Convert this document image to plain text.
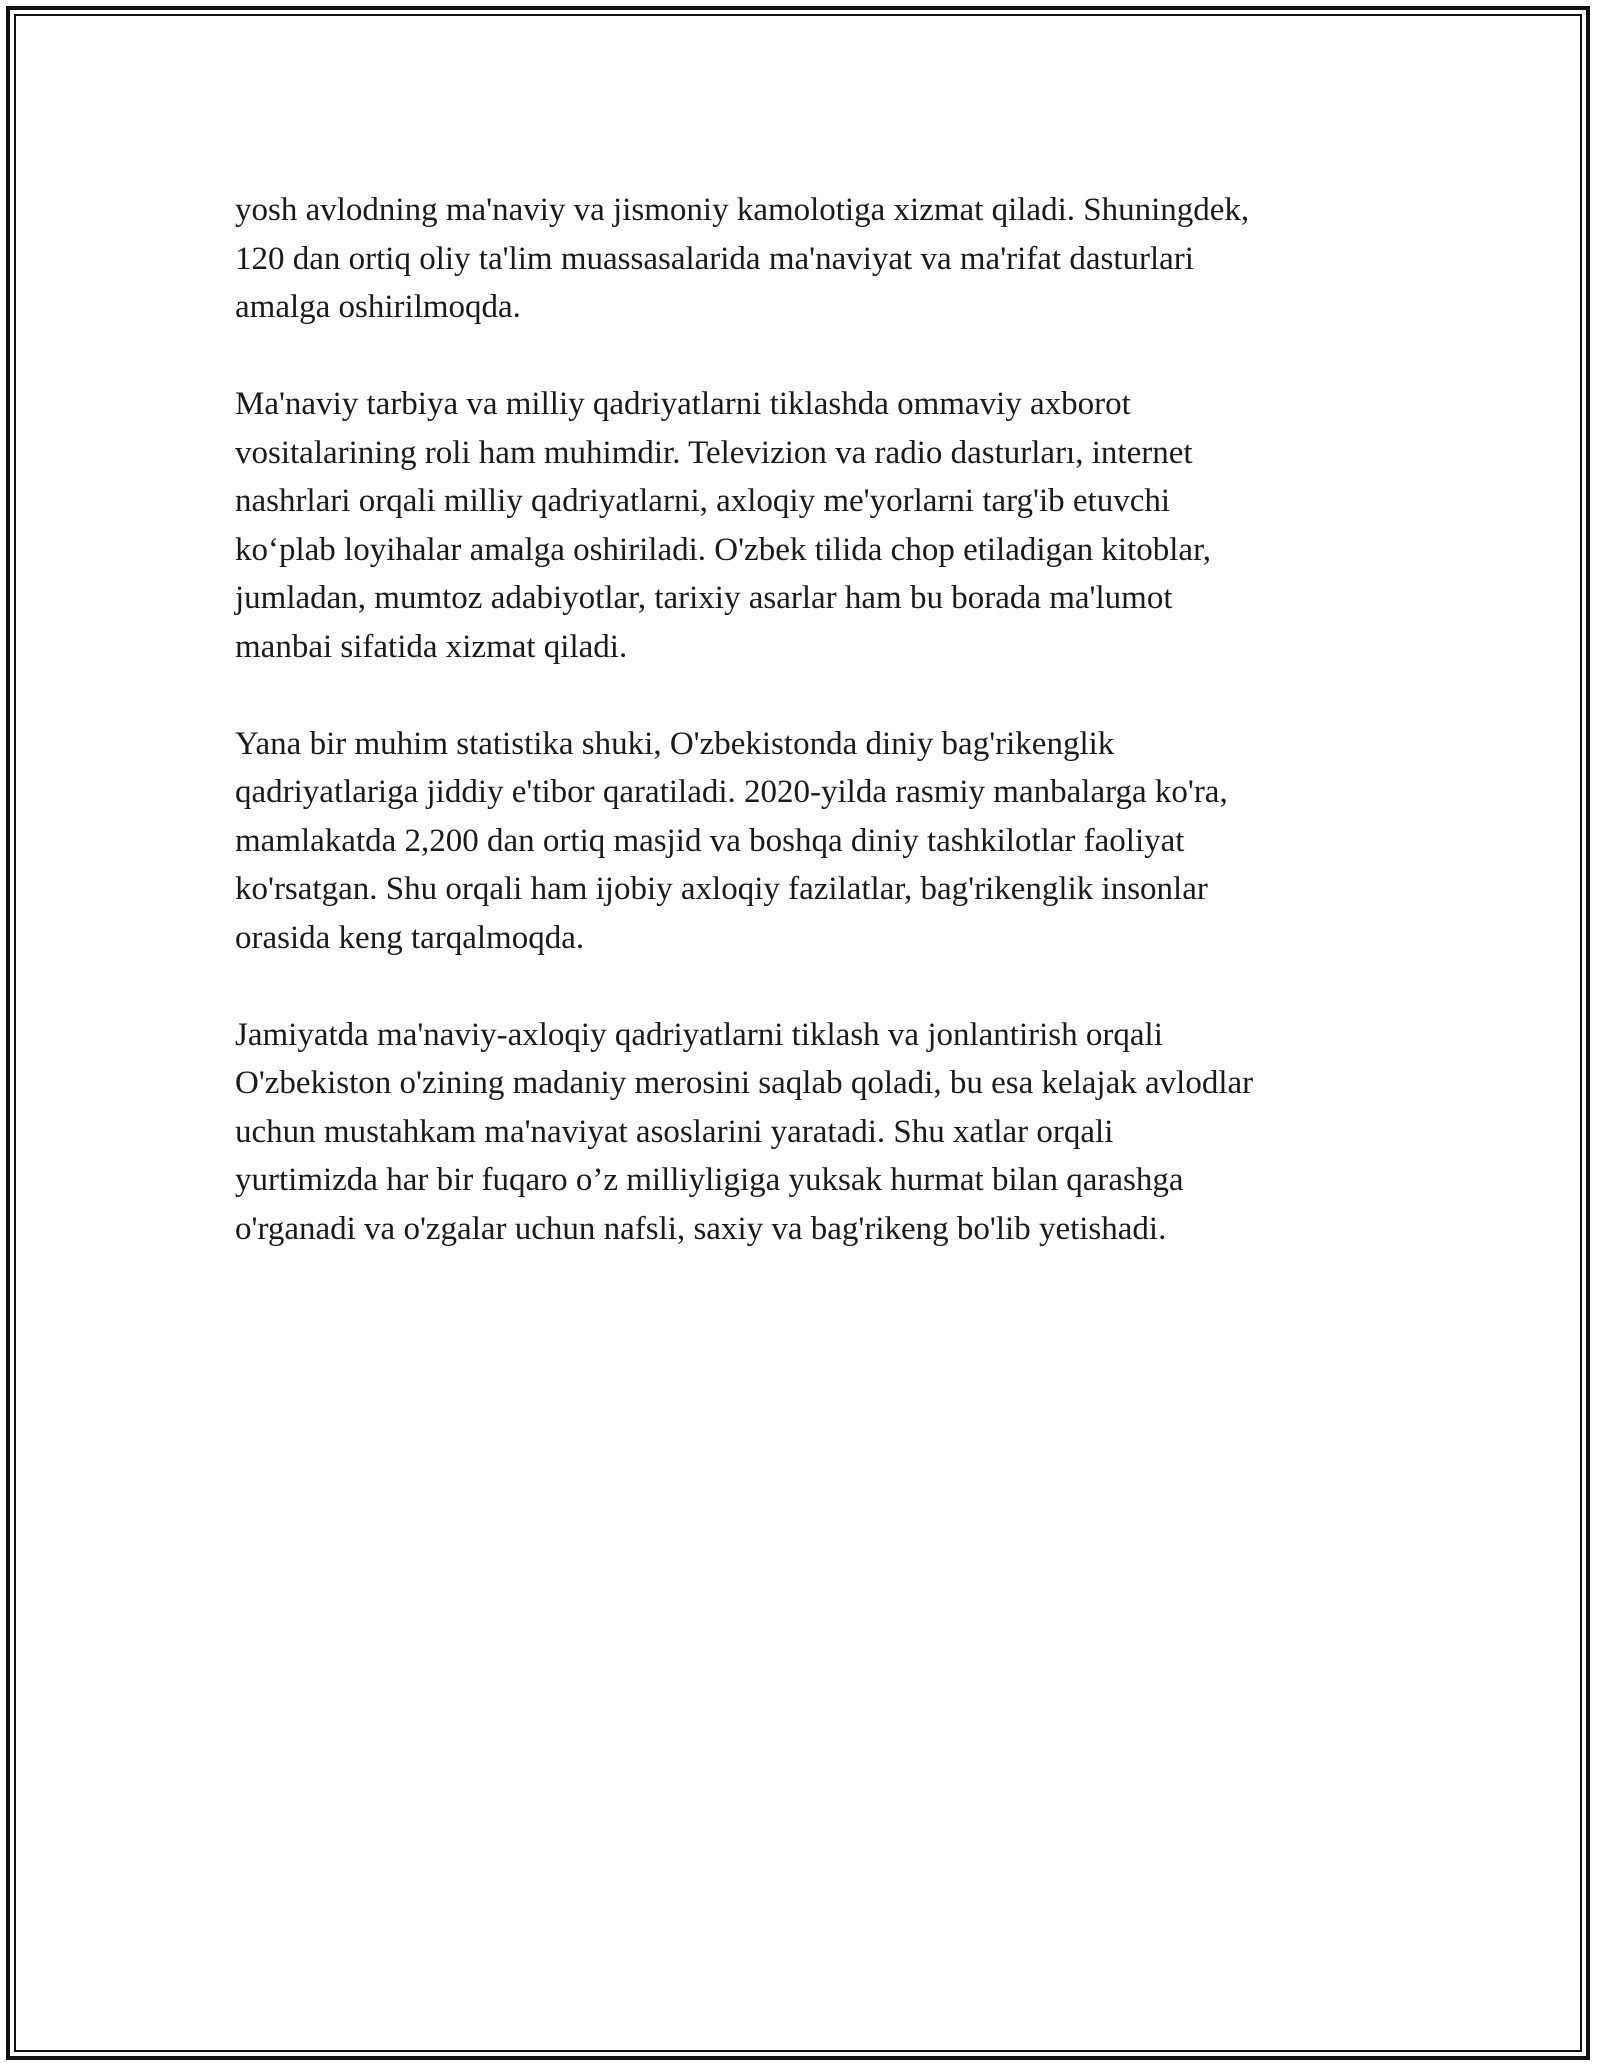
yosh avlodning ma'naviy va jismoniy kamolotiga xizmat qiladi. Shuningdek,
120 dan ortiq oliy ta'lim muassasalarida ma'naviyat va ma'rifat dasturlari
amalga oshirilmoqda.

Ma'naviy tarbiya va milliy qadriyatlarni tiklashda ommaviy axborot
vositalarining roli ham muhimdir. Televizion va radio dasturları, internet
nashrlari orqali milliy qadriyatlarni, axloqiy me'yorlarni targ'ib etuvchi
ko‘plab loyihalar amalga oshiriladi. O'zbek tilida chop etiladigan kitoblar,
jumladan, mumtoz adabiyotlar, tarixiy asarlar ham bu borada ma'lumot
manbai sifatida xizmat qiladi.

Yana bir muhim statistika shuki, O'zbekistonda diniy bag'rikenglik
qadriyatlariga jiddiy e'tibor qaratiladi. 2020-yilda rasmiy manbalarga ko'ra,
mamlakatda 2,200 dan ortiq masjid va boshqa diniy tashkilotlar faoliyat
ko'rsatgan. Shu orqali ham ijobiy axloqiy fazilatlar, bag'rikenglik insonlar
orasida keng tarqalmoqda.

Jamiyatda ma'naviy-axloqiy qadriyatlarni tiklash va jonlantirish orqali
O'zbekiston o'zining madaniy merosini saqlab qoladi, bu esa kelajak avlodlar
uchun mustahkam ma'naviyat asoslarini yaratadi. Shu xatlar orqali
yurtimizda har bir fuqaro o’z milliyligiga yuksak hurmat bilan qarashga
o'rganadi va o'zgalar uchun nafsli, saxiy va bag'rikeng bo'lib yetishadi.
